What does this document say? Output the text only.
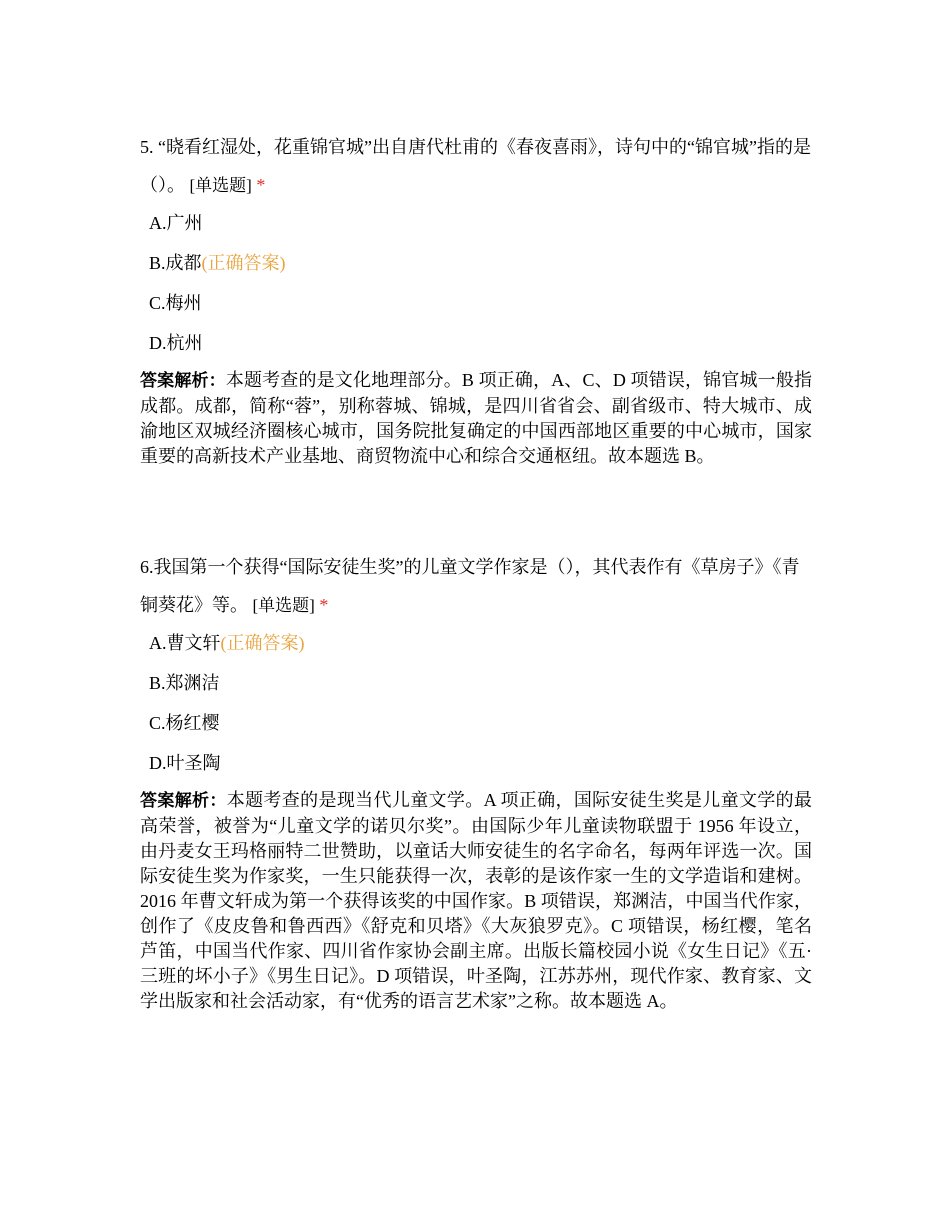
5. “晓看红湿处，花重锦官城”出自唐代杜甫的《春夜喜雨》，诗句中的“锦官城”指的是（）。 [单选题] *

A.广州

B.成都(正确答案)

C.梅州

D.杭州

答案解析：本题考查的是文化地理部分。B 项正确，A、C、D 项错误，锦官城一般指成都。成都，简称“蓉”，别称蓉城、锦城，是四川省省会、副省级市、特大城市、成渝地区双城经济圈核心城市，国务院批复确定的中国西部地区重要的中心城市，国家重要的高新技术产业基地、商贸物流中心和综合交通枢纽。故本题选 B。

6.我国第一个获得“国际安徒生奖”的儿童文学作家是（），其代表作有《草房子》《青铜葵花》等。 [单选题] *

A.曹文轩(正确答案)

B.郑渊洁

C.杨红樱

D.叶圣陶

答案解析：本题考查的是现当代儿童文学。A 项正确，国际安徒生奖是儿童文学的最高荣誉，被誉为“儿童文学的诺贝尔奖”。由国际少年儿童读物联盟于 1956 年设立，由丹麦女王玛格丽特二世赞助，以童话大师安徒生的名字命名，每两年评选一次。国际安徒生奖为作家奖，一生只能获得一次，表彰的是该作家一生的文学造诣和建树。2016 年曹文轩成为第一个获得该奖的中国作家。B 项错误，郑渊洁，中国当代作家，创作了《皮皮鲁和鲁西西》《舒克和贝塔》《大灰狼罗克》。C 项错误，杨红樱，笔名芦笛，中国当代作家、四川省作家协会副主席。出版长篇校园小说《女生日记》《五·三班的坏小子》《男生日记》。D 项错误，叶圣陶，江苏苏州，现代作家、教育家、文学出版家和社会活动家，有“优秀的语言艺术家”之称。故本题选 A。
